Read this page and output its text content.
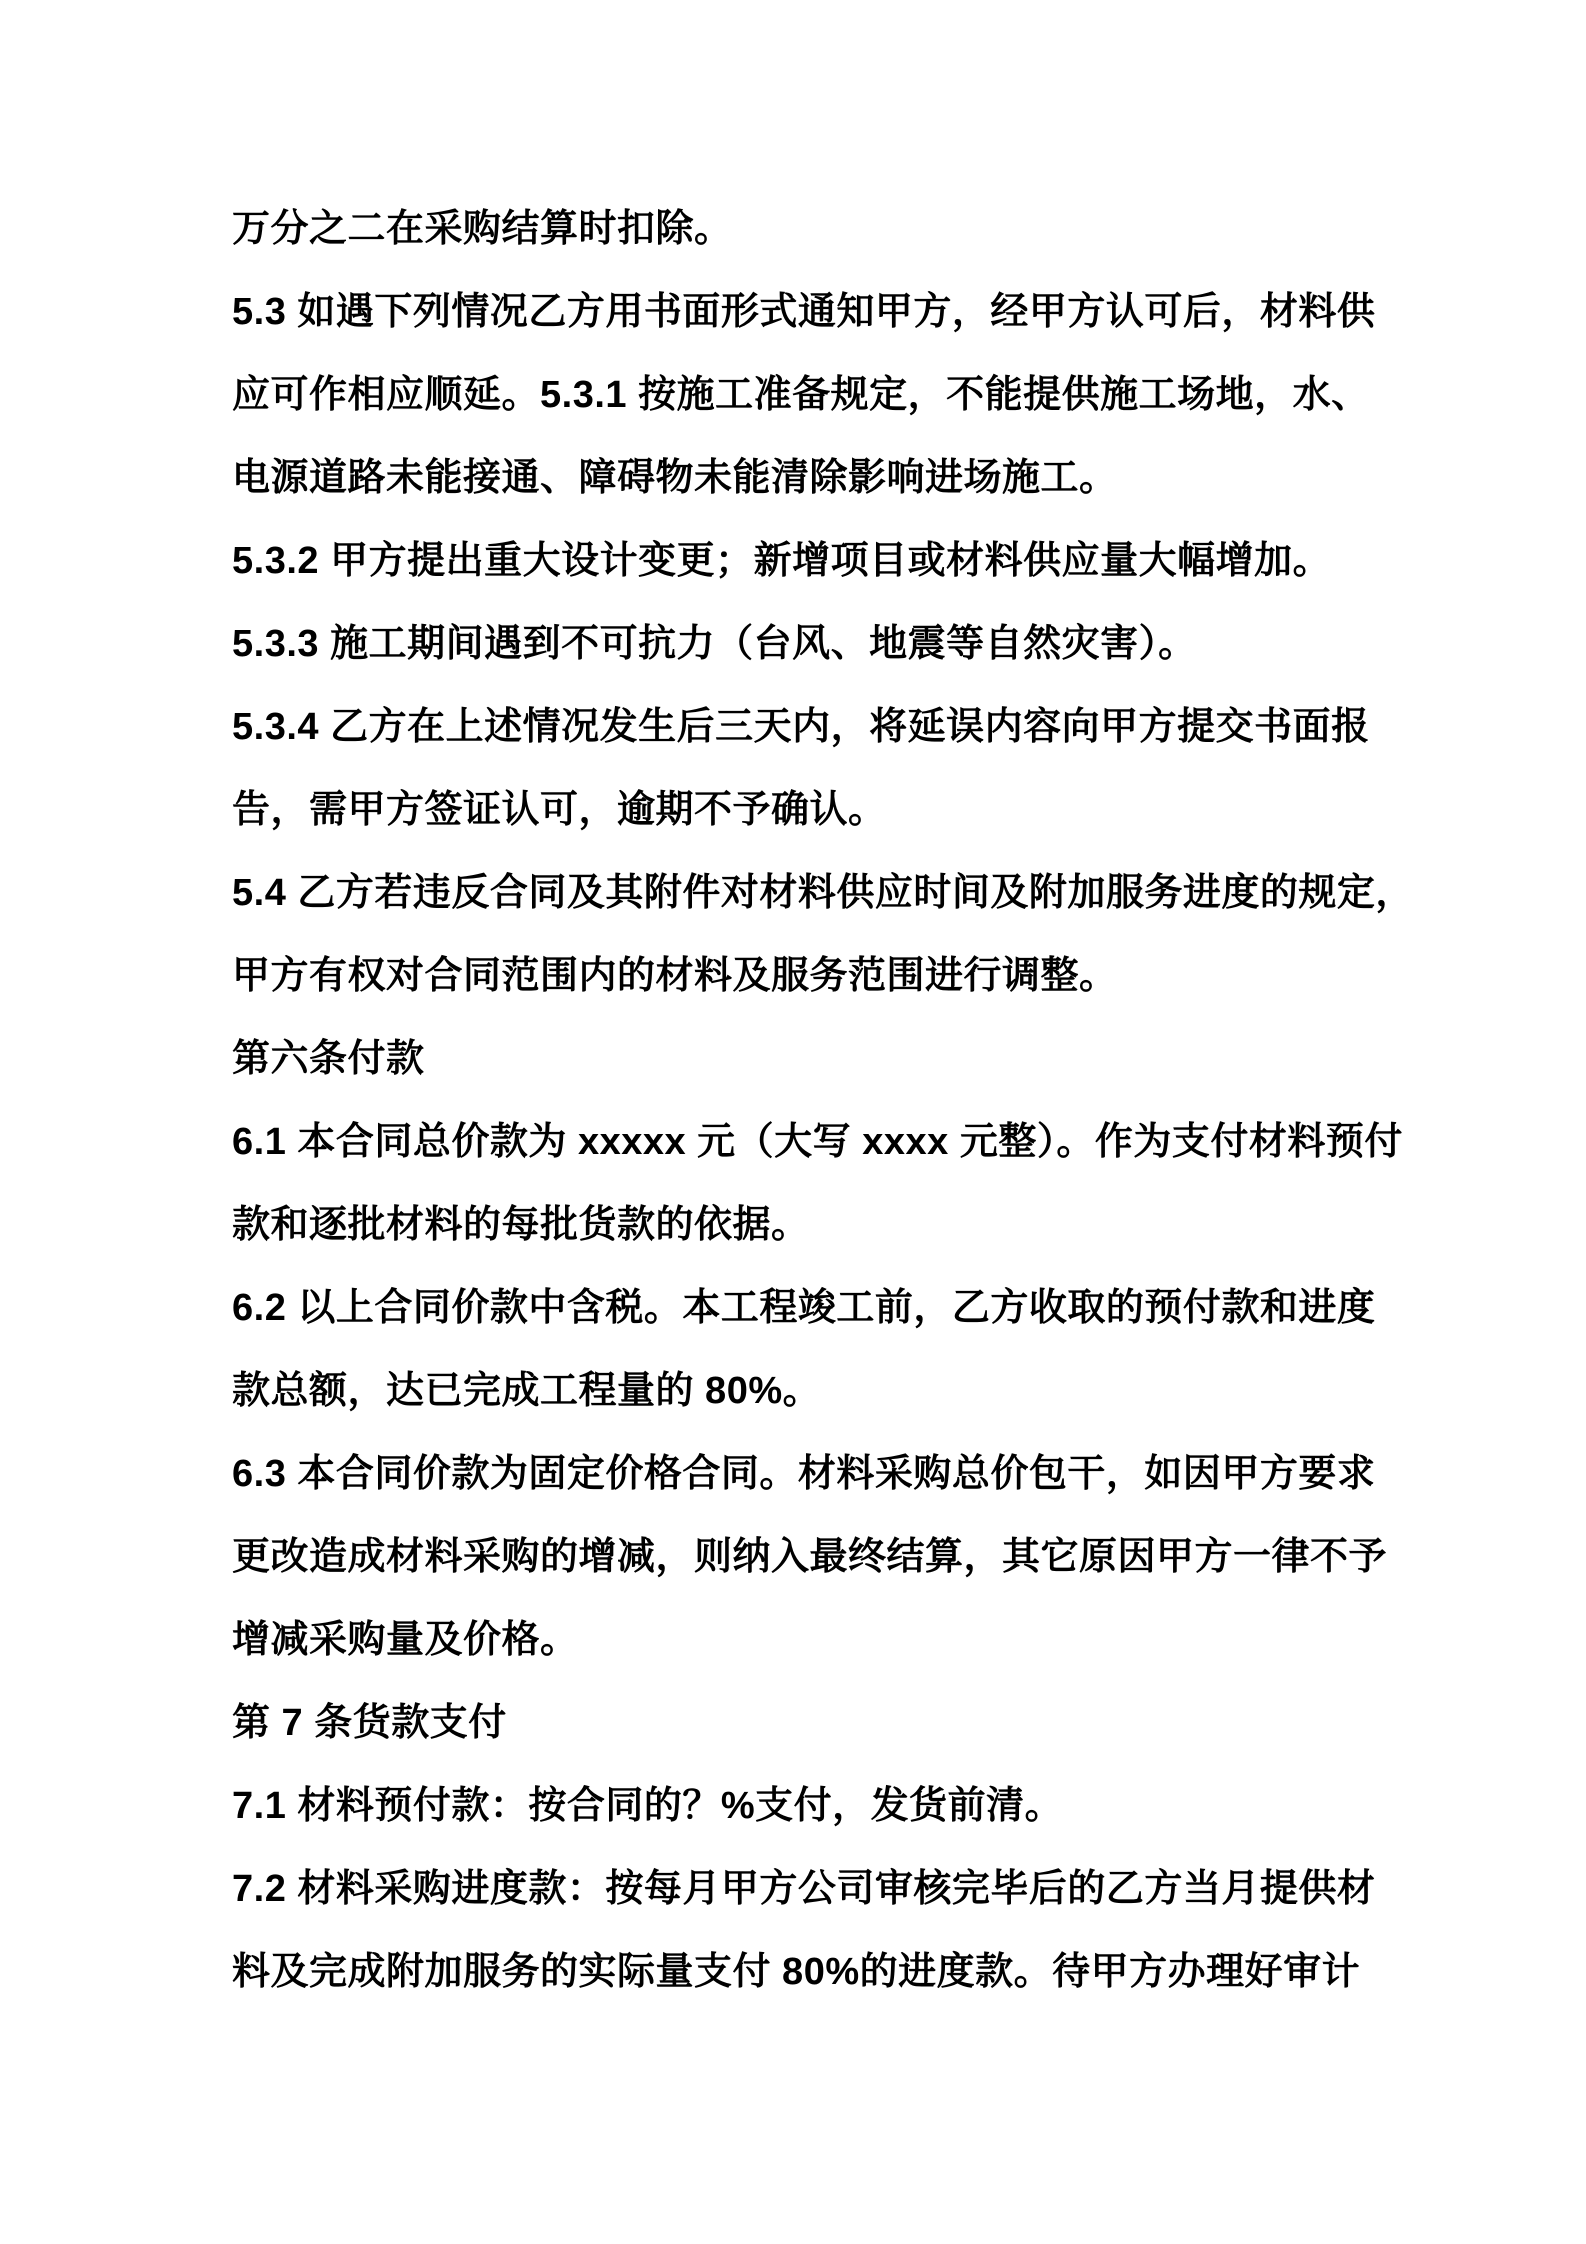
万分之二在采购结算时扣除。
5.3 如遇下列情况乙方用书面形式通知甲方，经甲方认可后，材料供
应可作相应顺延。5.3.1 按施工准备规定，不能提供施工场地，水、
电源道路未能接通、障碍物未能清除影响进场施工。
5.3.2 甲方提出重大设计变更；新增项目或材料供应量大幅增加。
5.3.3 施工期间遇到不可抗力（台风、地震等自然灾害）。
5.3.4 乙方在上述情况发生后三天内，将延误内容向甲方提交书面报
告，需甲方签证认可，逾期不予确认。
5.4 乙方若违反合同及其附件对材料供应时间及附加服务进度的规定，
甲方有权对合同范围内的材料及服务范围进行调整。
第六条付款
6.1 本合同总价款为 xxxxx 元（大写 xxxx 元整）。作为支付材料预付
款和逐批材料的每批货款的依据。
6.2 以上合同价款中含税。本工程竣工前，乙方收取的预付款和进度
款总额，达已完成工程量的 80%。
6.3 本合同价款为固定价格合同。材料采购总价包干，如因甲方要求
更改造成材料采购的增减，则纳入最终结算，其它原因甲方一律不予
增减采购量及价格。
第 7 条货款支付
7.1 材料预付款：按合同的？%支付，发货前清。
7.2 材料采购进度款：按每月甲方公司审核完毕后的乙方当月提供材
料及完成附加服务的实际量支付 80%的进度款。待甲方办理好审计
